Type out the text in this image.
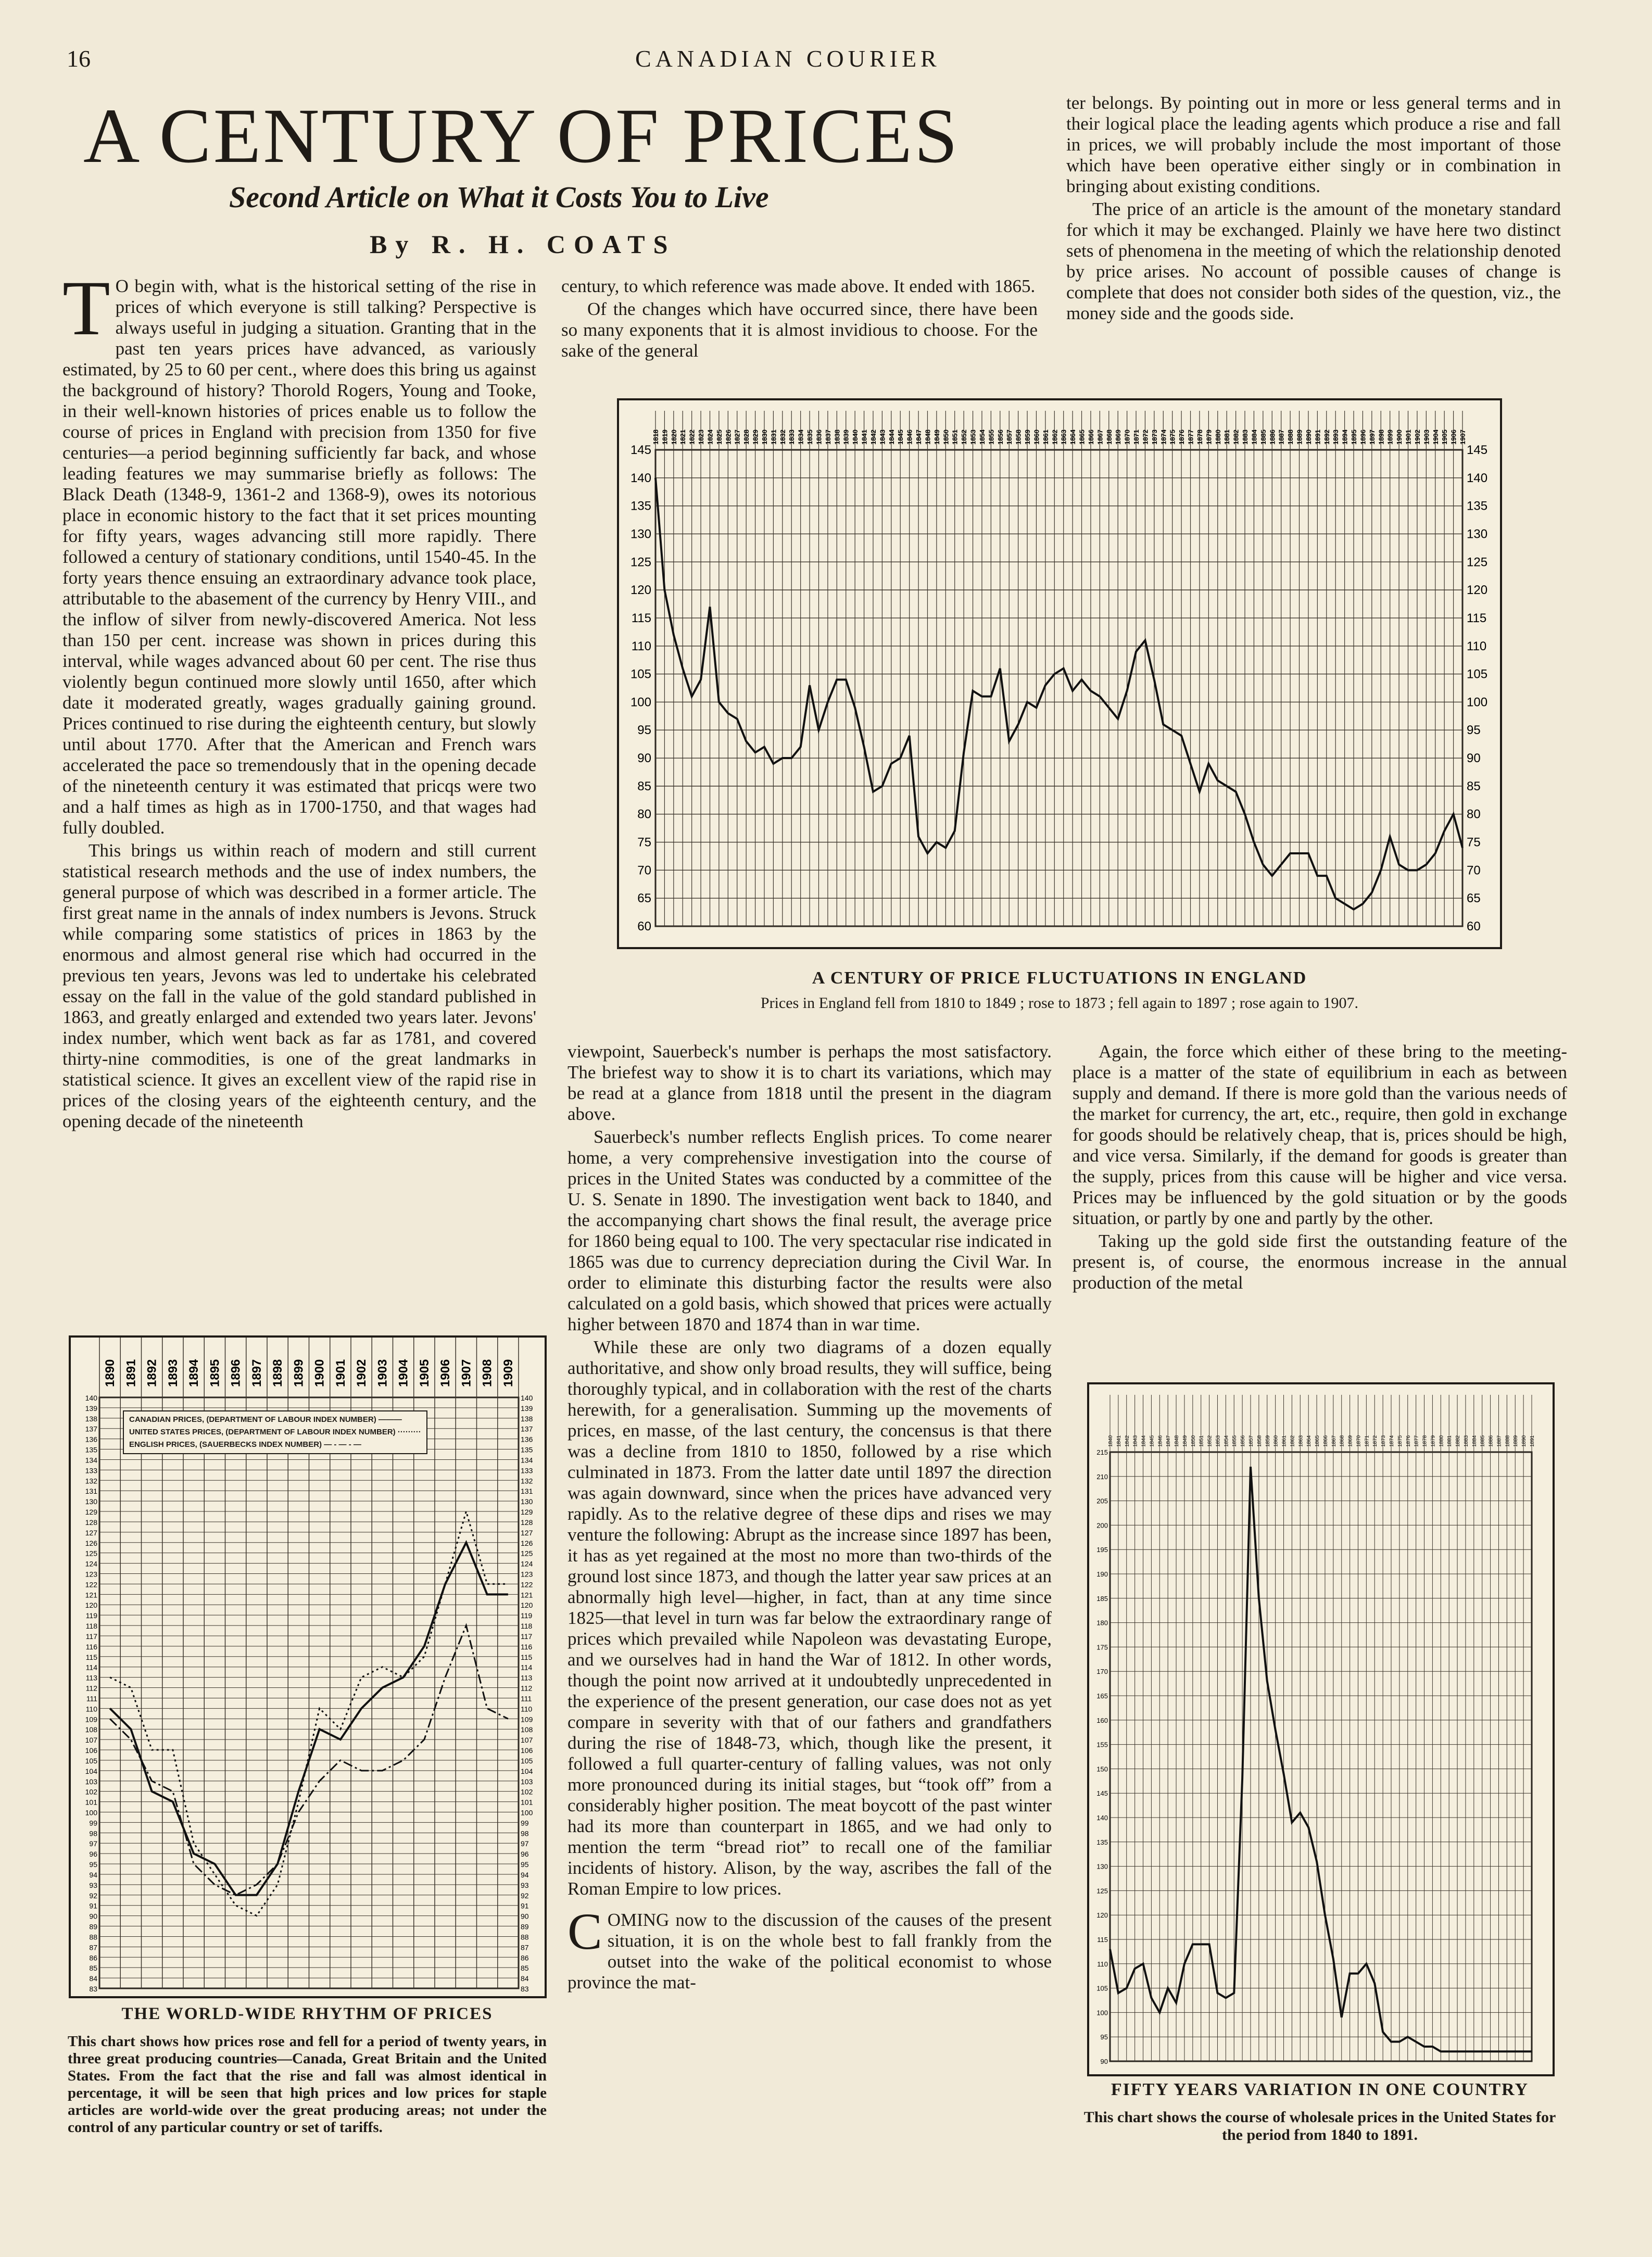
16	CANADIAN COURIER
A CENTURY OF PRICES
Second Article on What it Costs You to Live
By R. H. COATS

T O begin with, what is the historical setting of the rise in prices of which everyone is still talking? Perspective is always useful in judging a situation. Granting that in the past ten years prices have advanced, as variously estimated, by 25 to 60 per cent., where does this bring us against the background of history? Thorold Rogers, Young and Tooke, in their well-known histories of prices enable us to follow the course of prices in England with precision from 1350 for five centuries—a period beginning sufficiently far back, and whose leading features we may summarise briefly as follows: The Black Death (1348-9, 1361-2 and 1368-9), owes its notorious place in economic history to the fact that it set prices mounting for fifty years, wages advancing still more rapidly. There followed a century of stationary conditions, until 1540-45. In the forty years thence ensuing an extraordinary advance took place, attributable to the abasement of the currency by Henry VIII., and the inflow of silver from newly-discovered America. Not less than 150 per cent. increase was shown in prices during this interval, while wages advanced about 60 per cent. The rise thus violently begun continued more slowly until 1650, after which date it moderated greatly, wages gradually gaining ground. Prices continued to rise during the eighteenth century, but slowly until about 1770. After that the American and French wars accelerated the pace so tremendously that in the opening decade of the nineteenth century it was estimated that pricqs were two and a half times as high as in 1700-1750, and that wages had fully doubled.

This brings us within reach of modern and still current statistical research methods and the use of index numbers, the general purpose of which was described in a former article. The first great name in the annals of index numbers is Jevons. Struck while comparing some statistics of prices in 1863 by the enormous and almost general rise which had occurred in the previous ten years, Jevons was led to undertake his celebrated essay on the fall in the value of the gold standard published in 1863, and greatly enlarged and extended two years later. Jevons' index number, which went back as far as 1781, and covered thirty-nine commodities, is one of the great landmarks in statistical science. It gives an excellent view of the rapid rise in prices of the closing years of the eighteenth century, and the opening decade of the nineteenth

century, to which reference was made above. It ended with 1865.

Of the changes which have occurred since, there have been so many exponents that it is almost invidious to choose. For the sake of the general

ter belongs. By pointing out in more or less general terms and in their logical place the leading agents which produce a rise and fall in prices, we will probably include the most important of those which have been operative either singly or in combination in bringing about existing conditions.

The price of an article is the amount of the monetary standard for which it may be exchanged. Plainly we have here two distinct sets of phenomena in the meeting of which the relationship denoted by price arises. No account of possible causes of change is complete that does not consider both sides of the question, viz., the money side and the goods side.

1818 1819 1820 1821 1822 1823 1824 1825 1826 1827 1828 1829 1830 1831 1832 1833 1834 1835 1836 1837 1838 1839 1840 1841 1842 1843 1844 1845 1846 1847 1848 1849 1850 1851 1852 1853 1854 1855 1856 1857 1858 1859 1860 1861 1862 1863 1864 1865 1866 1867 1868 1869 1870 1871 1872 1873 1874 1875 1876 1877 1878 1879 1880 1881 1882 1883 1884 1885 1886 1887 1888 1889 1890 1891 1892 1893 1894 1895 1896 1897 1898 1899 1900 1901 1902 1903 1904 1905 1906 1907
60	60
65	65
70	70
75	75
80	80
85	85
90	90
95	95
100	100
105	105
110	110
115	115
120	120
125	125
130	130
135	135
140	140
145	145
A CENTURY OF PRICE FLUCTUATIONS IN ENGLAND
Prices in England fell from 1810 to 1849 ; rose to 1873 ; fell again to 1897 ; rose again to 1907.

viewpoint, Sauerbeck's number is perhaps the most satisfactory. The briefest way to show it is to chart its variations, which may be read at a glance from 1818 until the present in the diagram above.

Sauerbeck's number reflects English prices. To come nearer home, a very comprehensive investigation into the course of prices in the United States was conducted by a committee of the U. S. Senate in 1890. The investigation went back to 1840, and the accompanying chart shows the final result, the average price for 1860 being equal to 100. The very spectacular rise indicated in 1865 was due to currency depreciation during the Civil War. In order to eliminate this disturbing factor the results were also calculated on a gold basis, which showed that prices were actually higher between 1870 and 1874 than in war time.

While these are only two diagrams of a dozen equally authoritative, and show only broad results, they will suffice, being thoroughly typical, and in collaboration with the rest of the charts herewith, for a generalisation. Summing up the movements of prices, en masse, of the last century, the concensus is that there was a decline from 1810 to 1850, followed by a rise which culminated in 1873. From the latter date until 1897 the direction was again downward, since when the prices have advanced very rapidly. As to the relative degree of these dips and rises we may venture the following: Abrupt as the increase since 1897 has been, it has as yet regained at the most no more than two-thirds of the ground lost since 1873, and though the latter year saw prices at an abnormally high level—higher, in fact, than at any time since 1825—that level in turn was far below the extraordinary range of prices which prevailed while Napoleon was devastating Europe, and we ourselves had in hand the War of 1812. In other words, though the point now arrived at it undoubtedly unprecedented in the experience of the present generation, our case does not as yet compare in severity with that of our fathers and grandfathers during the rise of 1848-73, which, though like the present, it followed a full quarter-century of falling values, was not only more pronounced during its initial stages, but “took off” from a considerably higher position. The meat boycott of the past winter had its more than counterpart in 1865, and we had only to mention the term “bread riot” to recall one of the familiar incidents of history. Alison, by the way, ascribes the fall of the Roman Empire to low prices.

COMING now to the discussion of the causes of the present situation, it is on the whole best to fall frankly from the outset into the wake of the political economist to whose province the mat-

Again, the force which either of these bring to the meeting-place is a matter of the state of equilibrium in each as between supply and demand. If there is more gold than the various needs of the market for currency, the art, etc., require, then gold in exchange for goods should be relatively cheap, that is, prices should be high, and vice versa. Similarly, if the demand for goods is greater than the supply, prices from this cause will be higher and vice versa. Prices may be influenced by the gold situation or by the goods situation, or partly by one and partly by the other.

Taking up the gold side first the outstanding feature of the present is, of course, the enormous increase in the annual production of the metal

1890 1891 1892 1893 1894 1895 1896 1897 1898 1899 1900 1901 1902 1903 1904 1905 1906 1907 1908 1909
140	140
139	139
138	138
137	137
136	136
135	135
134	134
133	133
132	132
131	131
130	130
129	129
128	128
127	127
126	126
125	125
124	124
123	123
122	122
121	121
120	120
119	119
118	118
117	117
116	116
115	115
114	114
113	113
112	112
111	111
110	110
109	109
108	108
107	107
106	106
105	105
104	104
103	103
102	102
101	101
100	100
99	99
98	98
97	97
96	96
95	95
94	94
93	93
92	92
91	91
90	90
89	89
88	88
87	87
86	86
85	85
84	84
83	83
CANADIAN PRICES, (DEPARTMENT OF LABOUR INDEX NUMBER) ———
UNITED STATES PRICES, (DEPARTMENT OF LABOUR INDEX NUMBER) ·········
ENGLISH PRICES, (SAUERBECKS INDEX NUMBER) — - — - —
THE WORLD-WIDE RHYTHM OF PRICES
This chart shows how prices rose and fell for a period of twenty years, in three great producing countries—Canada, Great Britain and the United States. From the fact that the rise and fall was almost identical in percentage, it will be seen that high prices and low prices for staple articles are world-wide over the great producing areas; not under the control of any particular country or set of tariffs.
1840 1841 1842 1843 1844 1845 1846 1847 1848 1849 1850 1851 1852 1853 1854 1855 1856 1857 1858 1859 1860 1861 1862 1863 1864 1865 1866 1867 1868 1869 1870 1871 1872 1873 1874 1875 1876 1877 1878 1879 1880 1881 1882 1883 1884 1885 1886 1887 1888 1889 1890 1891
215
210
205
200
195
190
185
180
175
170
165
160
155
150
145
140
135
130
125
120
115
110
105
100
95
90
FIFTY YEARS VARIATION IN ONE COUNTRY
This chart shows the course of wholesale prices in the United States for the period from 1840 to 1891.
